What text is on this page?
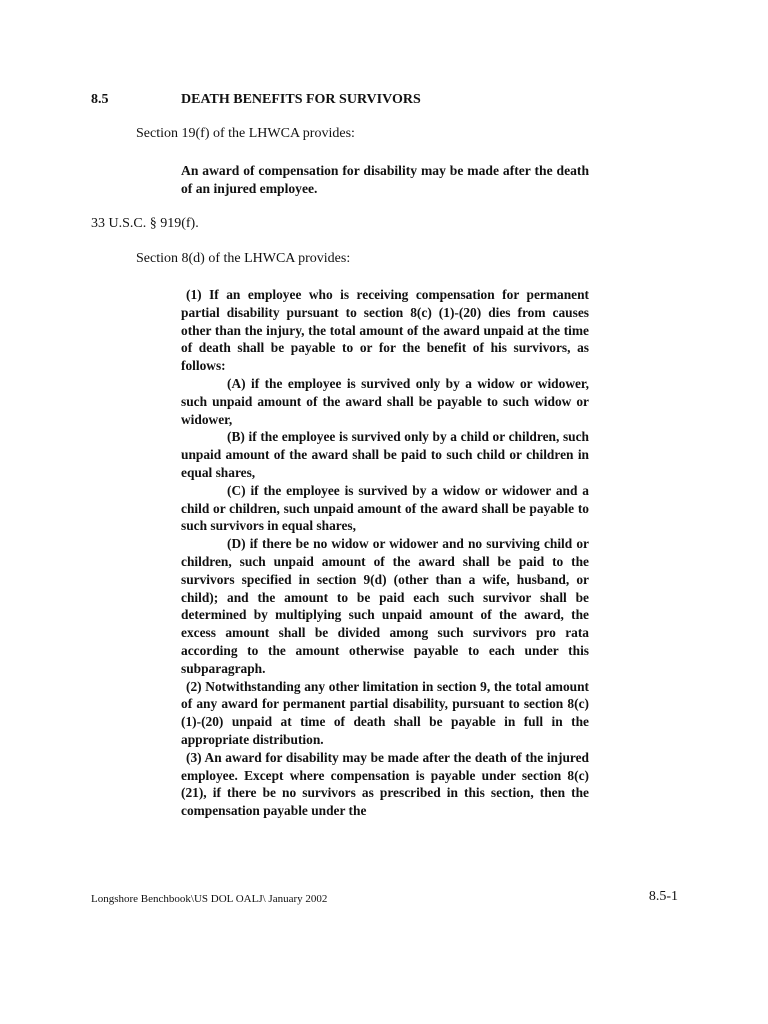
8.5	DEATH BENEFITS FOR SURVIVORS
Section 19(f) of the LHWCA provides:
An award of compensation for disability may be made after the death of an injured employee.
33 U.S.C. § 919(f).
Section 8(d) of the LHWCA provides:

(1) If an employee who is receiving compensation for permanent partial disability pursuant to section 8(c) (1)-(20) dies from causes other than the injury, the total amount of the award unpaid at the time of death shall be payable to or for the benefit of his survivors, as follows:

(A) if the employee is survived only by a widow or widower, such unpaid amount of the award shall be payable to such widow or widower,

(B) if the employee is survived only by a child or children, such unpaid amount of the award shall be paid to such child or children in equal shares,

(C) if the employee is survived by a widow or widower and a child or children, such unpaid amount of the award shall be payable to such survivors in equal shares,

(D) if there be no widow or widower and no surviving child or children, such unpaid amount of the award shall be paid to the survivors specified in section 9(d) (other than a wife, husband, or child); and the amount to be paid each such survivor shall be determined by multiplying such unpaid amount of the award, the excess amount shall be divided among such survivors pro rata according to the amount otherwise payable to each under this subparagraph.

(2) Notwithstanding any other limitation in section 9, the total amount of any award for permanent partial disability, pursuant to section 8(c)(1)-(20) unpaid at time of death shall be payable in full in the appropriate distribution.

(3) An award for disability may be made after the death of the injured employee. Except where compensation is payable under section 8(c)(21), if there be no survivors as prescribed in this section, then the compensation payable under the

Longshore Benchbook\US DOL OALJ\ January 2002	8.5-1
